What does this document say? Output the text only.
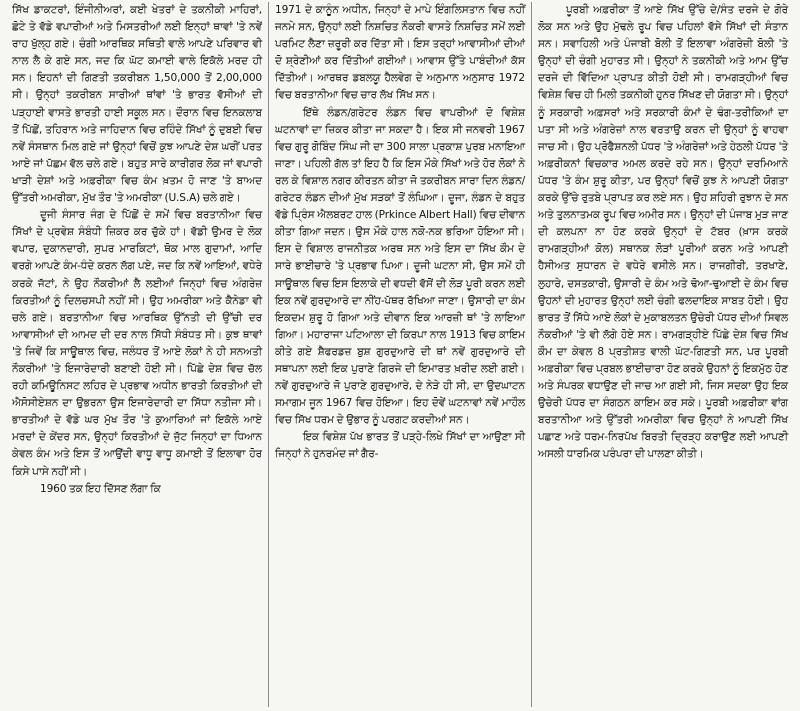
ਸਿੱਖ ਡਾਕਟਰਾਂ, ਇੰਜੀਨੀਅਰਾਂ, ਕਈ ਖੇਤਰਾਂ ਦੇ ਤਕਨੀਕੀ ਮਾਹਿਰਾਂ, ਛੋਟੇ ਤੇ ਵੱਡੇ ਵਪਾਰੀਆਂ ਅਤੇ ਮਿਸਤਰੀਆਂ ਲਈ ਇਨ੍ਹਾਂ ਥਾਵਾਂ 'ਤੇ ਨਵੇਂ ਰਾਹ ਖੁੱਲ੍ਹ ਗਏ। ਚੰਗੀ ਆਰਥਿਕ ਸਥਿਤੀ ਵਾਲੇ ਆਪਣੇ ਪਰਿਵਾਰ ਵੀ ਨਾਲ ਲੈ ਕੇ ਗਏ ਸਨ, ਜਦ ਕਿ ਘੱਟ ਕਮਾਈ ਵਾਲੇ ਇਕੱਲੇ ਮਰਦ ਹੀ ਸਨ। ਇਹਨਾਂ ਦੀ ਗਿਣਤੀ ਤਕਰੀਬਨ 1,50,000 ਤੋਂ 2,00,000 ਸੀ। ਉਨ੍ਹਾਂ ਤਕਰੀਬਨ ਸਾਰੀਆਂ ਥਾਂਵਾਂ 'ਤੇ ਭਾਰਤ ਵੱਸੀਆਂ ਦੀ ਪੜ੍ਹਾਈ ਵਾਸਤੇ ਭਾਰਤੀ ਹਾਈ ਸਕੂਲ ਸਨ। ਦੌਰਾਨ ਵਿਚ ਇਨਕਲਾਬ ਤੋਂ ਪਿੱਛੋਂ, ਤਹਿਰਾਨ ਅਤੇ ਜਾਹਿਦਾਨ ਵਿਚ ਰਹਿੰਦੇ ਸਿੱਖਾਂ ਨੂੰ ਦੁਬਈ ਵਿਚ ਨਵੇਂ ਸੰਸਥਾਨ ਮਿਲ ਗਏ ਜਾਂ ਉਨ੍ਹਾਂ ਵਿਚੋਂ ਕੁਝ ਆਪਣੇ ਦੇਸ਼ ਘਰੀਂ ਪਰਤ ਆਏ ਜਾਂ ਪੱਛਮ ਵੱਲ ਚਲੇ ਗਏ। ਬਹੁਤ ਸਾਰੇ ਕਾਰੀਗਰ ਲੋਕ ਜਾਂ ਵਪਾਰੀ ਖਾੜੀ ਦੇਸ਼ਾਂ ਅਤੇ ਅਫ਼ਰੀਕਾ ਵਿਚ ਕੰਮ ਖ਼ਤਮ ਹੋ ਜਾਣ 'ਤੇ ਬਾਅਦ ਉੱਤਰੀ ਅਮਰੀਕਾ, ਮੁੱਖ ਤੌਰ 'ਤੇ ਅਮਰੀਕਾ (U.S.A) ਚਲੇ ਗਏ।

ਦੂਜੀ ਸੰਸਾਰ ਜੰਗ ਦੇ ਪਿੱਛੋਂ ਦੇ ਸਮੇਂ ਵਿਚ ਬਰਤਾਨੀਆ ਵਿਚ ਸਿੱਖਾਂ ਦੇ ਪ੍ਰਵੇਸ਼ ਸੰਬੰਧੀ ਜ਼ਿਕਰ ਕਰ ਚੁੱਕੇ ਹਾਂ। ਵੱਡੀ ਉਮਰ ਦੇ ਲੋਕ ਵਪਾਰ, ਦੁਕਾਨਦਾਰੀ, ਸੁਪਰ ਮਾਰਕਿਟਾਂ, ਥੋਕ ਮਾਲ ਗੁਦਾਮਾਂ, ਆਦਿ ਵਰਗੇ ਆਪਣੇ ਕੰਮ-ਧੰਦੇ ਕਰਨ ਲੱਗ ਪਏ, ਜਦ ਕਿ ਨਵੇਂ ਆਇਆਂ, ਵਧੇਰੇ ਕਰਕੇ ਜੱਟਾਂ, ਨੇ ਉਹ ਨੌਕਰੀਆਂ ਲੈ ਲਈਆਂ ਜਿਨ੍ਹਾਂ ਵਿਚ ਅੰਗਰੇਜ਼ ਕਿਰਤੀਆਂ ਨੂੰ ਦਿਲਚਸਪੀ ਨਹੀਂ ਸੀ। ਉਹ ਅਮਰੀਕਾ ਅਤੇ ਕੈਨੇਡਾ ਵੀ ਚਲੇ ਗਏ। ਬਰਤਾਨੀਆ ਵਿਚ ਆਰਥਿਕ ਉੱਨਤੀ ਦੀ ਉੱਚੀ ਦਰ ਆਵਾਸੀਆਂ ਦੀ ਆਮਦ ਦੀ ਦਰ ਨਾਲ ਸਿੱਧੀ ਸੰਬੰਧਤ ਸੀ। ਕੁਝ ਥਾਵਾਂ 'ਤੇ ਜਿਵੇਂ ਕਿ ਸਾਊਥਾਲ ਵਿਚ, ਜਲੰਧਰ ਤੋਂ ਆਏ ਲੋਕਾਂ ਨੇ ਹੀ ਸਨਅਤੀ ਨੌਕਰੀਆਂ 'ਤੇ ਇਜਾਰੇਦਾਰੀ ਬਣਾਈ ਹੋਈ ਸੀ। ਪਿੱਛੇ ਦੇਸ਼ ਵਿਚ ਚੱਲ ਰਹੀ ਕਮਿਊਨਿਸਟ ਲਹਿਰ ਦੇ ਪ੍ਰਭਾਵ ਅਧੀਨ ਭਾਰਤੀ ਕਿਰਤੀਆਂ ਦੀ ਐਸੋਸੀਏਸ਼ਨ ਦਾ ਉਭਰਨਾ ਉਸ ਇਜਾਰੇਦਾਰੀ ਦਾ ਸਿੱਧਾ ਨਤੀਜਾ ਸੀ। ਭਾਰਤੀਆਂ ਦੇ ਵੱਡੇ ਘਰ ਮੁੱਖ ਤੌਰ 'ਤੇ ਕੁਆਰਿਆਂ ਜਾਂ ਇਕੱਲੇ ਆਏ ਮਰਦਾਂ ਦੇ ਕੇਂਦਰ ਸਨ, ਉਨ੍ਹਾਂ ਕਿਰਤੀਆਂ ਦੇ ਜੁੱਟ ਜਿਨ੍ਹਾਂ ਦਾ ਧਿਆਨ ਕੇਵਲ ਕੰਮ ਅਤੇ ਇਸ ਤੋਂ ਆਉਂਦੀ ਵਾਧੂ ਵਾਧੂ ਕਮਾਈ ਤੋਂ ਇਲਾਵਾ ਹੋਰ ਕਿਸੇ ਪਾਸੇ ਨਹੀਂ ਸੀ।

1960 ਤਕ ਇਹ ਦਿੱਸਣ ਲੱਗਾ ਕਿ

1971 ਦੇ ਕਾਨੂੰਨ ਅਧੀਨ, ਜਿਨ੍ਹਾਂ ਦੇ ਮਾਪੇ ਇੰਗਲਿਸਤਾਨ ਵਿਚ ਨਹੀਂ ਜਨਮੇ ਸਨ, ਉਨ੍ਹਾਂ ਲਈ ਨਿਸ਼ਚਿਤ ਨੌਕਰੀ ਵਾਸਤੇ ਨਿਸ਼ਚਿਤ ਸਮੇਂ ਲਈ ਪਰਮਿਟ ਲੈਣਾ ਜ਼ਰੂਰੀ ਕਰ ਦਿੱਤਾ ਸੀ। ਇਸ ਤਰ੍ਹਾਂ ਆਵਾਸੀਆਂ ਦੀਆਂ ਦੋ ਸ਼੍ਰੇਣੀਆਂ ਕਰ ਦਿੱਤੀਆਂ ਗਈਆਂ। ਆਵਾਸ ਉੱਤੇ ਪਾਬੰਦੀਆਂ ਕੱਸ ਦਿੱਤੀਆਂ। ਆਰਥਰ ਡਬਲਯੂ ਹੈਲਵੇਗ ਦੇ ਅਨੁਮਾਨ ਅਨੁਸਾਰ 1972 ਵਿਚ ਬਰਤਾਨੀਆ ਵਿਚ ਚਾਰ ਲੱਖ ਸਿੱਖ ਸਨ।

ਇੱਥੇ ਲੰਡਨ/ਗਰੇਟਰ ਲੰਡਨ ਵਿਚ ਵਾਪਰੀਆਂ ਦੋ ਵਿਸ਼ੇਸ਼ ਘਟਨਾਵਾਂ ਦਾ ਜ਼ਿਕਰ ਕੀਤਾ ਜਾ ਸਕਦਾ ਹੈ। ਇਕ ਸੀ ਜਨਵਰੀ 1967 ਵਿਚ ਗੁਰੂ ਗੋਬਿੰਦ ਸਿੰਘ ਜੀ ਦਾ 300 ਸਾਲਾ ਪ੍ਰਕਾਸ਼ ਪੁਰਬ ਮਨਾਇਆ ਜਾਣਾ। ਪਹਿਲੀ ਗੱਲ ਤਾਂ ਇਹ ਹੈ ਕਿ ਇਸ ਮੌਕੇ ਸਿੱਖਾਂ ਅਤੇ ਹੋਰ ਲੋਕਾਂ ਨੇ ਰਲ ਕੇ ਵਿਸ਼ਾਲ ਨਗਰ ਕੀਰਤਨ ਕੀਤਾ ਜੋ ਤਕਰੀਬਨ ਸਾਰਾ ਦਿਨ ਲੰਡਨ/ਗਰੇਟਰ ਲੰਡਨ ਦੀਆਂ ਮੁੱਖ ਸੜਕਾਂ ਤੋਂ ਲੰਘਿਆ। ਦੂਜਾ, ਲੰਡਨ ਦੇ ਬਹੁਤ ਵੱਡੇ ਪ੍ਰਿੰਸ ਐਲਬਰਟ ਹਾਲ (Prkince Albert Hall) ਵਿਚ ਦੀਵਾਨ ਕੀਤਾ ਗਿਆ ਜਦਨ। ਉਸ ਮੌਕੇ ਹਾਲ ਨਕੋ-ਨਕ ਭਰਿਆ ਹੋਇਆ ਸੀ। ਇਸ ਦੇ ਵਿਸ਼ਾਲ ਰਾਜਨੀਤਕ ਅਰਥ ਸਨ ਅਤੇ ਇਸ ਦਾ ਸਿੱਖ ਕੌਮ ਦੇ ਸਾਰੇ ਭਾਈਚਾਰੇ 'ਤੇ ਪ੍ਰਭਾਵ ਪਿਆ। ਦੂਜੀ ਘਟਨਾ ਸੀ, ਉਸ ਸਮੇਂ ਹੀ ਸਾਊਥਾਲ ਵਿਚ ਇਸ ਇਲਾਕੇ ਦੀ ਵਧਦੀ ਵੱਸੋਂ ਦੀ ਲੋੜ ਪੂਰੀ ਕਰਨ ਲਈ ਇਕ ਨਵੇਂ ਗੁਰਦੁਆਰੇ ਦਾ ਨੀਂਹ-ਪੱਥਰ ਰੱਖਿਆ ਜਾਣਾ। ਉਸਾਰੀ ਦਾ ਕੰਮ ਇਕਦਮ ਸ਼ੁਰੂ ਹੋ ਗਿਆ ਅਤੇ ਦੀਵਾਨ ਇਕ ਆਰਜ਼ੀ ਥਾਂ 'ਤੇ ਲਾਇਆ ਗਿਆ। ਮਹਾਰਾਜਾ ਪਟਿਆਲਾ ਦੀ ਕਿਰਪਾ ਨਾਲ 1913 ਵਿਚ ਕਾਇਮ ਕੀਤੇ ਗਏ ਸ਼ੈਫਰਡਜ਼ ਬੁਸ਼ ਗੁਰਦੁਆਰੇ ਦੀ ਥਾਂ ਨਵੇਂ ਗੁਰਦੁਆਰੇ ਦੀ ਸਥਾਪਨਾ ਲਈ ਇਕ ਪੁਰਾਣੇ ਗਿਰਜੇ ਦੀ ਇਮਾਰਤ ਖ਼ਰੀਦ ਲਈ ਗਈ। ਨਵੇਂ ਗੁਰਦੁਆਰੇ ਜੋ ਪੁਰਾਣੇ ਗੁਰਦੁਆਰੇ, ਦੇ ਨੇੜੇ ਹੀ ਸੀ, ਦਾ ਉਦਘਾਟਨ ਸਮਾਗਮ ਜੂਨ 1967 ਵਿਚ ਹੋਇਆ। ਇਹ ਦੋਵੇਂ ਘਟਨਾਵਾਂ ਨਵੇਂ ਮਾਹੌਲ ਵਿਚ ਸਿੱਖ ਧਰਮ ਦੇ ਉਭਾਰ ਨੂੰ ਪਰਗਟ ਕਰਦੀਆਂ ਸਨ।

ਇਕ ਵਿਸ਼ੇਸ਼ ਪੱਖ ਭਾਰਤ ਤੋਂ ਪੜ੍ਹੇ-ਲਿਖੇ ਸਿੱਖਾਂ ਦਾ ਆਉਣਾ ਸੀ ਜਿਨ੍ਹਾਂ ਨੇ ਹੁਨਰਮੰਦ ਜਾਂ ਗੈਰ-

ਪੂਰਬੀ ਅਫ਼ਰੀਕਾ ਤੋਂ ਆਏ ਸਿੱਖ ਉੱਚੇ ਦੇ/ਸੰਤ ਦਰਜੇ ਦੇ ਗੋਰੇ ਲੋਕ ਸਨ ਅਤੇ ਉਹ ਮੁੱਢਲੇ ਰੂਪ ਵਿਚ ਪਹਿਲਾਂ ਵੱਸੇ ਸਿੱਖਾਂ ਦੀ ਸੰਤਾਨ ਸਨ। ਸਵਾਹਿਲੀ ਅਤੇ ਪੰਜਾਬੀ ਬੋਲੀ ਤੋਂ ਇਲਾਵਾ ਅੰਗਰੇਜ਼ੀ ਬੋਲੀ 'ਤੇ ਉਨ੍ਹਾਂ ਦੀ ਚੰਗੀ ਮੁਹਾਰਤ ਸੀ। ਉਨ੍ਹਾਂ ਨੇ ਤਕਨੀਕੀ ਅਤੇ ਆਮ ਉੱਚ ਦਰਜੇ ਦੀ ਵਿੱਦਿਆ ਪ੍ਰਾਪਤ ਕੀਤੀ ਹੋਈ ਸੀ। ਰਾਮਗੜ੍ਹੀਆਂ ਵਿਚ ਵਿਸ਼ੇਸ਼ ਵਿਚ ਹੀ ਮਿਲੀ ਤਕਨੀਕੀ ਹੁਨਰ ਸਿੱਖਣ ਦੀ ਯੋਗਤਾ ਸੀ। ਉਨ੍ਹਾਂ ਨੂੰ ਸਰਕਾਰੀ ਅਫ਼ਸਰਾਂ ਅਤੇ ਸਰਕਾਰੀ ਕੰਮਾਂ ਦੇ ਢੰਗ-ਤਰੀਕਿਆਂ ਦਾ ਪਤਾ ਸੀ ਅਤੇ ਅੰਗਰੇਜ਼ਾਂ ਨਾਲ ਵਰਤਾਉ ਕਰਨ ਦੀ ਉਨ੍ਹਾਂ ਨੂੰ ਵਾਹਵਾ ਜਾਚ ਸੀ। ਉਹ ਪ੍ਰੋਫੈਸ਼ਨਲੀ ਪੱਧਰ 'ਤੇ ਅੰਗਰੇਜ਼ਾਂ ਅਤੇ ਹੇਠਲੀ ਪੱਧਰ 'ਤੇ ਅਫ਼ਰੀਕਨਾਂ ਵਿਚਕਾਰ ਅਮਲ ਕਰਦੇ ਰਹੇ ਸਨ। ਉਨ੍ਹਾਂ ਦਰਮਿਆਨੇ ਪੱਧਰ 'ਤੇ ਕੰਮ ਸ਼ੁਰੂ ਕੀਤਾ, ਪਰ ਉਨ੍ਹਾਂ ਵਿਚੋਂ ਕੁਝ ਨੇ ਆਪਣੀ ਯੋਗਤਾ ਕਰਕੇ ਉੱਚੇ ਰੁਤਬੇ ਪ੍ਰਾਪਤ ਕਰ ਲਏ ਸਨ। ਉਹ ਸ਼ਹਿਰੀ ਰੁਝਾਨ ਦੇ ਸਨ ਅਤੇ ਤੁਲਨਾਤਮਕ ਰੂਪ ਵਿਚ ਅਮੀਰ ਸਨ। ਉਨ੍ਹਾਂ ਦੀ ਪੰਜਾਬ ਮੁੜ ਜਾਣ ਦੀ ਕਲਪਨਾ ਨਾ ਹੋਣ ਕਰਕੇ ਉਨ੍ਹਾਂ ਦੇ ਟੱਬਰ (ਖ਼ਾਸ ਕਰਕੇ ਰਾਮਗੜ੍ਹੀਆਂ ਕੋਲ) ਸਥਾਨਕ ਲੋੜਾਂ ਪੂਰੀਆਂ ਕਰਨ ਅਤੇ ਆਪਣੀ ਹੈਸੀਅਤ ਸੁਧਾਰਨ ਦੇ ਵਧੇਰੇ ਵਸੀਲੇ ਸਨ। ਰਾਜਗੀਰੀ, ਤਰਖਾਣੇ, ਲੁਹਾਰੇ, ਦਸਤਕਾਰੀ, ਉਸਾਰੀ ਦੇ ਕੰਮ ਅਤੇ ਢੋਆ-ਢੁਆਈ ਦੇ ਕੰਮ ਵਿਚ ਉਹਨਾਂ ਦੀ ਮੁਹਾਰਤ ਉਨ੍ਹਾਂ ਲਈ ਚੰਗੀ ਫਲਦਾਇਕ ਸਾਬਤ ਹੋਈ। ਉਹ ਭਾਰਤ ਤੋਂ ਸਿੱਧੇ ਆਏ ਲੋਕਾਂ ਦੇ ਮੁਕਾਬਲਤਨ ਉਚੇਰੀ ਪੱਧਰ ਦੀਆਂ ਸਿਵਲ ਨੌਕਰੀਆਂ 'ਤੇ ਵੀ ਲੱਗੇ ਹੋਏ ਸਨ। ਰਾਮਗੜ੍ਹੀਏ ਪਿੱਛੇ ਦੇਸ਼ ਵਿਚ ਸਿੱਖ ਕੌਮ ਦਾ ਕੇਵਲ 8 ਪ੍ਰਤੀਸ਼ਤ ਵਾਲੀ ਘੱਟ-ਗਿਣਤੀ ਸਨ, ਪਰ ਪੂਰਬੀ ਅਫ਼ਰੀਕਾ ਵਿਚ ਪ੍ਰਬਲ ਭਾਈਚਾਰਾ ਹੋਣ ਕਰਕੇ ਉਹਨਾਂ ਨੂੰ ਇਕਮੁੱਠ ਹੋਣ ਅਤੇ ਸੰਪਰਕ ਵਧਾਉਣ ਦੀ ਜਾਚ ਆ ਗਈ ਸੀ, ਜਿਸ ਸਦਕਾ ਉਹ ਇਕ ਉਚੇਰੀ ਪੱਧਰ ਦਾ ਸੰਗਠਨ ਕਾਇਮ ਕਰ ਸਕੇ। ਪੂਰਬੀ ਅਫ਼ਰੀਕਾ ਵਾਂਗ ਬਰਤਾਨੀਆ ਅਤੇ ਉੱਤਰੀ ਅਮਰੀਕਾ ਵਿਚ ਉਨ੍ਹਾਂ ਨੇ ਆਪਣੀ ਸਿੱਖ ਪਛਾਣ ਅਤੇ ਧਰਮ-ਨਿਰਪੱਖ ਬਿਰਤੀ ਦ੍ਰਿੜ੍ਹ ਕਰਾਉਣ ਲਈ ਆਪਣੀ ਅਸਲੀ ਧਾਰਮਿਕ ਪਰੰਪਰਾ ਦੀ ਪਾਲਣਾ ਕੀਤੀ।
